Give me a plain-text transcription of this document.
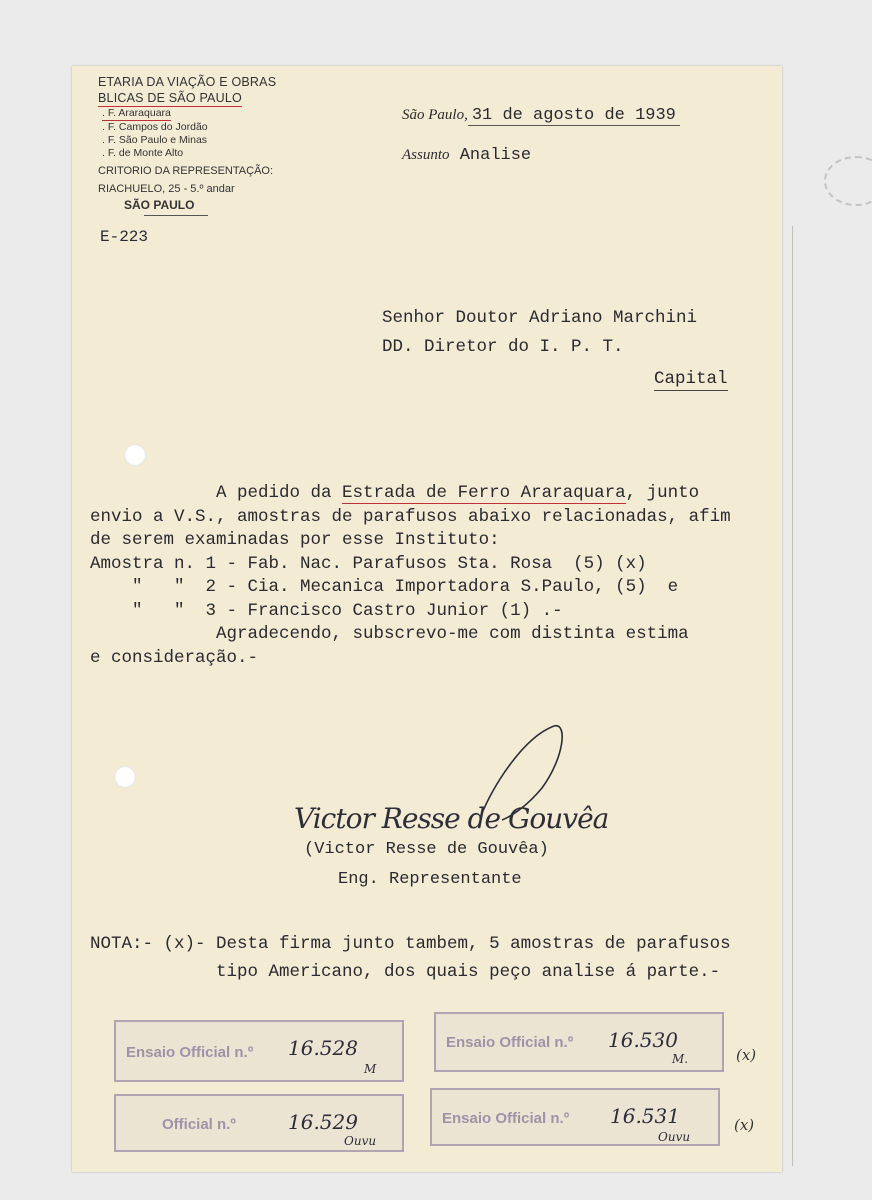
ETARIA DA VIAÇÃO E OBRAS
BLICAS DE SÃO PAULO
. F. Araraquara
. F. Campos do Jordão
. F. São Paulo e Minas
. F. de Monte Alto
CRITORIO DA REPRESENTAÇÃO:
RIACHUELO, 25 - 5.º andar
SÃO PAULO
São Paulo, 31 de agosto de 1939
Assunto Analise
E-223
Senhor Doutor Adriano Marchini
DD. Diretor do I. P. T.
Capital
A pedido da Estrada de Ferro Araraquara, junto
envio a V.S., amostras de parafusos abaixo relacionadas, afim
de serem examinadas por esse Instituto:
Amostra n. 1 - Fab. Nac. Parafusos Sta. Rosa  (5) (x)
"   "  2 - Cia. Mecanica Importadora S.Paulo, (5)  e
"   "  3 - Francisco Castro Junior (1) .-
Agradecendo, subscrevo-me com distinta estima
e consideração.-
Victor Resse de Gouvêa
(Victor Resse de Gouvêa)
Eng. Representante
NOTA:- (x)- Desta firma junto tambem, 5 amostras de parafusos
tipo Americano, dos quais peço analise á parte.-
Ensaio Official n.º 16.528
M
Ensaio Official n.º 16.530
M.	(x)
Official n.º	16.529
Ouvu
Ensaio Official n.º 16.531
Ouvu
(x)
